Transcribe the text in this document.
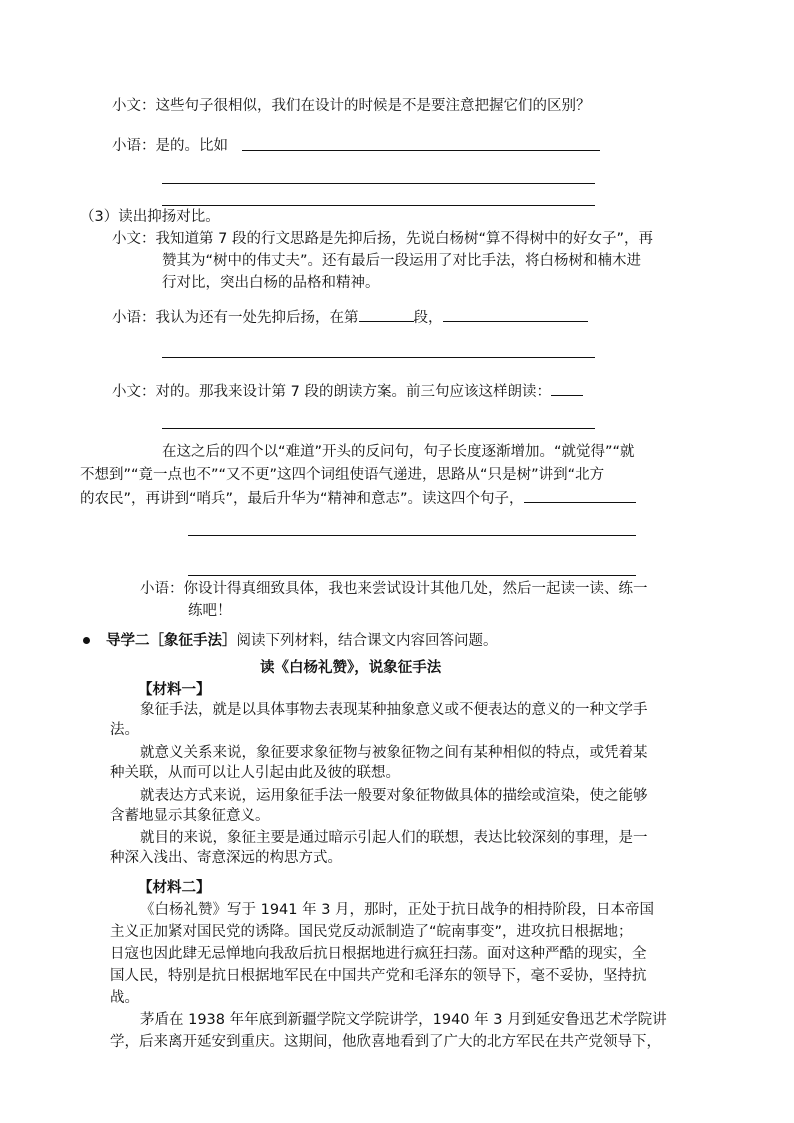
小文：这些句子很相似，我们在设计的时候是不是要注意把握它们的区别？
小语：是的。比如
（3）读出抑扬对比。
小文：我知道第 7 段的行文思路是先抑后扬，先说白杨树“算不得树中的好女子”，再
赞其为“树中的伟丈夫”。还有最后一段运用了对比手法，将白杨树和楠木进
行对比，突出白杨的品格和精神。
小语：我认为还有一处先抑后扬，在第	段，
小文：对的。那我来设计第 7 段的朗读方案。前三句应该这样朗读：
在这之后的四个以“难道”开头的反问句，句子长度逐渐增加。“就觉得”“就
不想到”“竟一点也不”“又不更”这四个词组使语气递进，思路从“只是树”讲到“北方
的农民”，再讲到“哨兵”，最后升华为“精神和意志”。读这四个句子，
小语：你设计得真细致具体，我也来尝试设计其他几处，然后一起读一读、练一
练吧！
导学二［象征手法］阅读下列材料，结合课文内容回答问题。
读《白杨礼赞》，说象征手法
【材料一】
象征手法，就是以具体事物去表现某种抽象意义或不便表达的意义的一种文学手
法。
就意义关系来说，象征要求象征物与被象征物之间有某种相似的特点，或凭着某
种关联，从而可以让人引起由此及彼的联想。
就表达方式来说，运用象征手法一般要对象征物做具体的描绘或渲染，使之能够
含蓄地显示其象征意义。
就目的来说，象征主要是通过暗示引起人们的联想，表达比较深刻的事理，是一
种深入浅出、寄意深远的构思方式。
【材料二】
《白杨礼赞》写于 1941 年 3 月，那时，正处于抗日战争的相持阶段，日本帝国
主义正加紧对国民党的诱降。国民党反动派制造了“皖南事变”，进攻抗日根据地；
日寇也因此肆无忌惮地向我敌后抗日根据地进行疯狂扫荡。面对这种严酷的现实，全
国人民，特别是抗日根据地军民在中国共产党和毛泽东的领导下，毫不妥协，坚持抗
战。
茅盾在 1938 年年底到新疆学院文学院讲学，1940 年 3 月到延安鲁迅艺术学院讲
学，后来离开延安到重庆。这期间，他欣喜地看到了广大的北方军民在共产党领导下，
